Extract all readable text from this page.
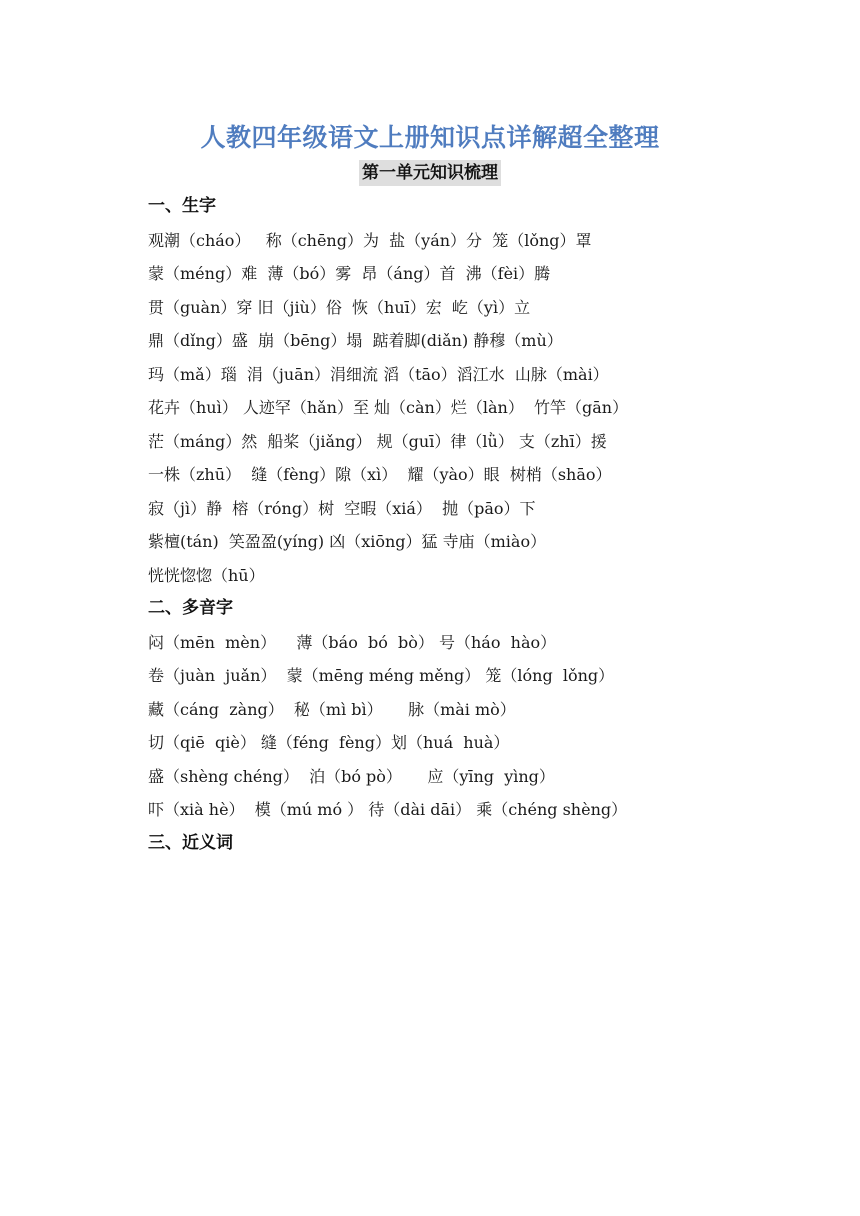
人教四年级语文上册知识点详解超全整理
第一单元知识梳理
一、生字
观潮（cháo）   称（chēng）为  盐（yán）分  笼（lǒng）罩
蒙（méng）难  薄（bó）雾  昂（áng）首  沸（fèi）腾
贯（guàn）穿 旧（jiù）俗  恢（huī）宏  屹（yì）立
鼎（dǐng）盛  崩（bēng）塌  踮着脚(diǎn) 静穆（mù）
玛（mǎ）瑙  涓（juān）涓细流 滔（tāo）滔江水  山脉（mài）
花卉（huì） 人迹罕（hǎn）至 灿（càn）烂（làn）  竹竿（gān）
茫（máng）然  船桨（jiǎng） 规（guī）律（lǜ） 支（zhī）援
一株（zhū）  缝（fèng）隙（xì）  耀（yào）眼  树梢（shāo）
寂（jì）静  榕（róng）树  空暇（xiá）  抛（pāo）下
紫檀(tán)  笑盈盈(yíng) 凶（xiōng）猛 寺庙（miào）
恍恍惚惚（hū）
二、多音字
闷（mēn  mèn）    薄（báo  bó  bò） 号（háo  hào）
卷（juàn  juǎn）  蒙（mēng méng měng） 笼（lóng  lǒng）
藏（cáng  zàng）  秘（mì bì）     脉（mài mò）
切（qiē  qiè） 缝（féng  fèng）划（huá  huà）
盛（shèng chéng）  泊（bó pò）     应（yīng  yìng）
吓（xià hè）  模（mú mó ） 待（dài dāi） 乘（chéng shèng）
三、近义词
